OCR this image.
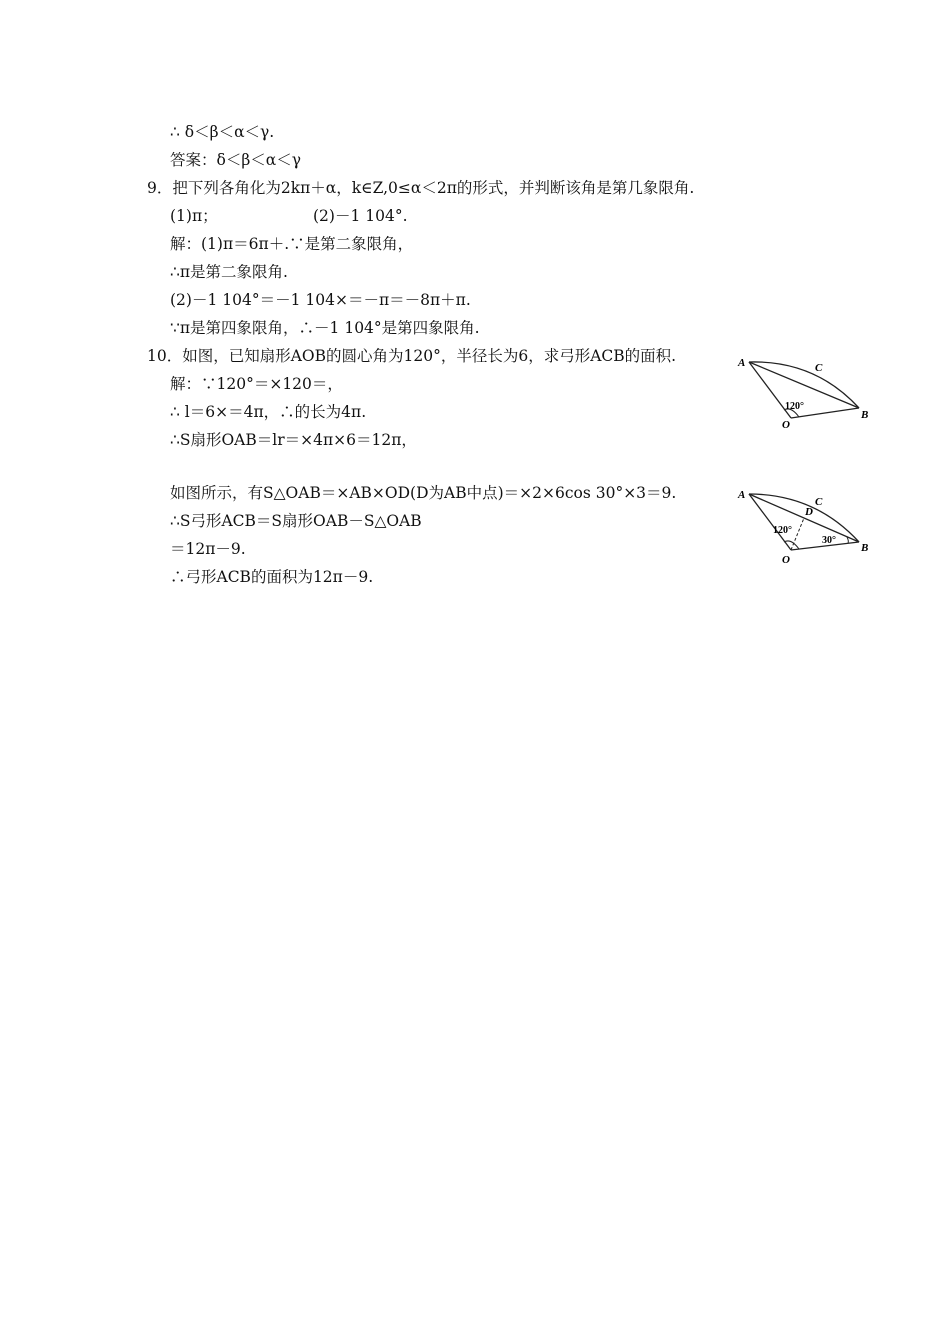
∴ δ＜β＜α＜γ.
答案：δ＜β＜α＜γ
9．把下列各角化为2kπ＋α，k∈Z,0≤α＜2π的形式，并判断该角是第几象限角.
(1)π；	(2)－1 104°.
解：(1)π＝6π＋.∵是第二象限角，
∴π是第二象限角.
(2)－1 104°＝－1 104×＝－π＝－8π＋π.
∵π是第四象限角，∴－1 104°是第四象限角.
10．如图，已知扇形AOB的圆心角为120°，半径长为6，求弓形ACB的面积.
解：∵120°＝×120＝，
∴ l＝6×＝4π，∴的长为4π.
∴S扇形OAB＝lr＝×4π×6＝12π，
如图所示，有S△OAB＝×AB×OD(D为AB中点)＝×2×6cos 30°×3＝9.
∴S弓形ACB＝S扇形OAB－S△OAB
＝12π－9.
∴弓形ACB的面积为12π－9.
A
B
C
O
120°
A
B
C
D
O
120°
30°
